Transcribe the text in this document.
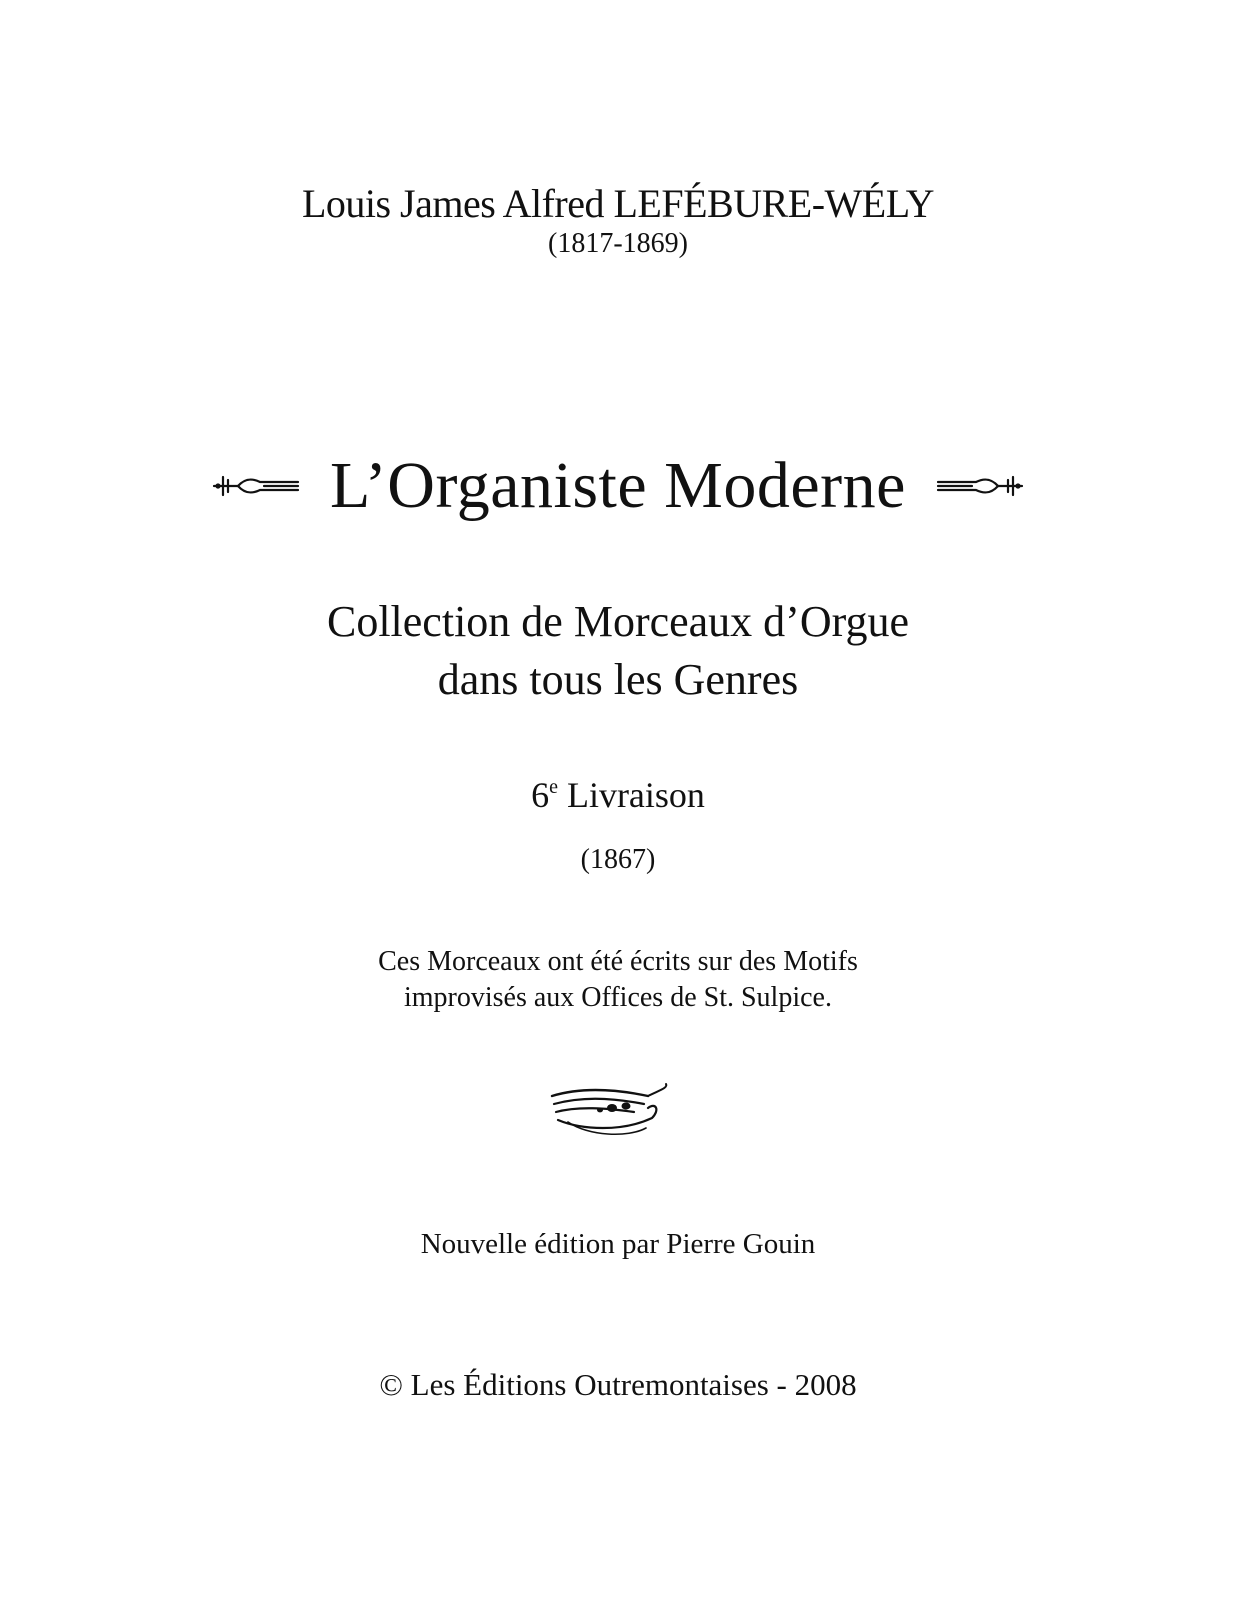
Louis James Alfred LEFÉBURE-WÉLY
(1817-1869)
L’Organiste Moderne
Collection de Morceaux d’Orgue
dans tous les Genres
6e Livraison
(1867)
Ces Morceaux ont été écrits sur des Motifs
improvisés aux Offices de St. Sulpice.
Nouvelle édition par Pierre Gouin
© Les Éditions Outremontaises - 2008
